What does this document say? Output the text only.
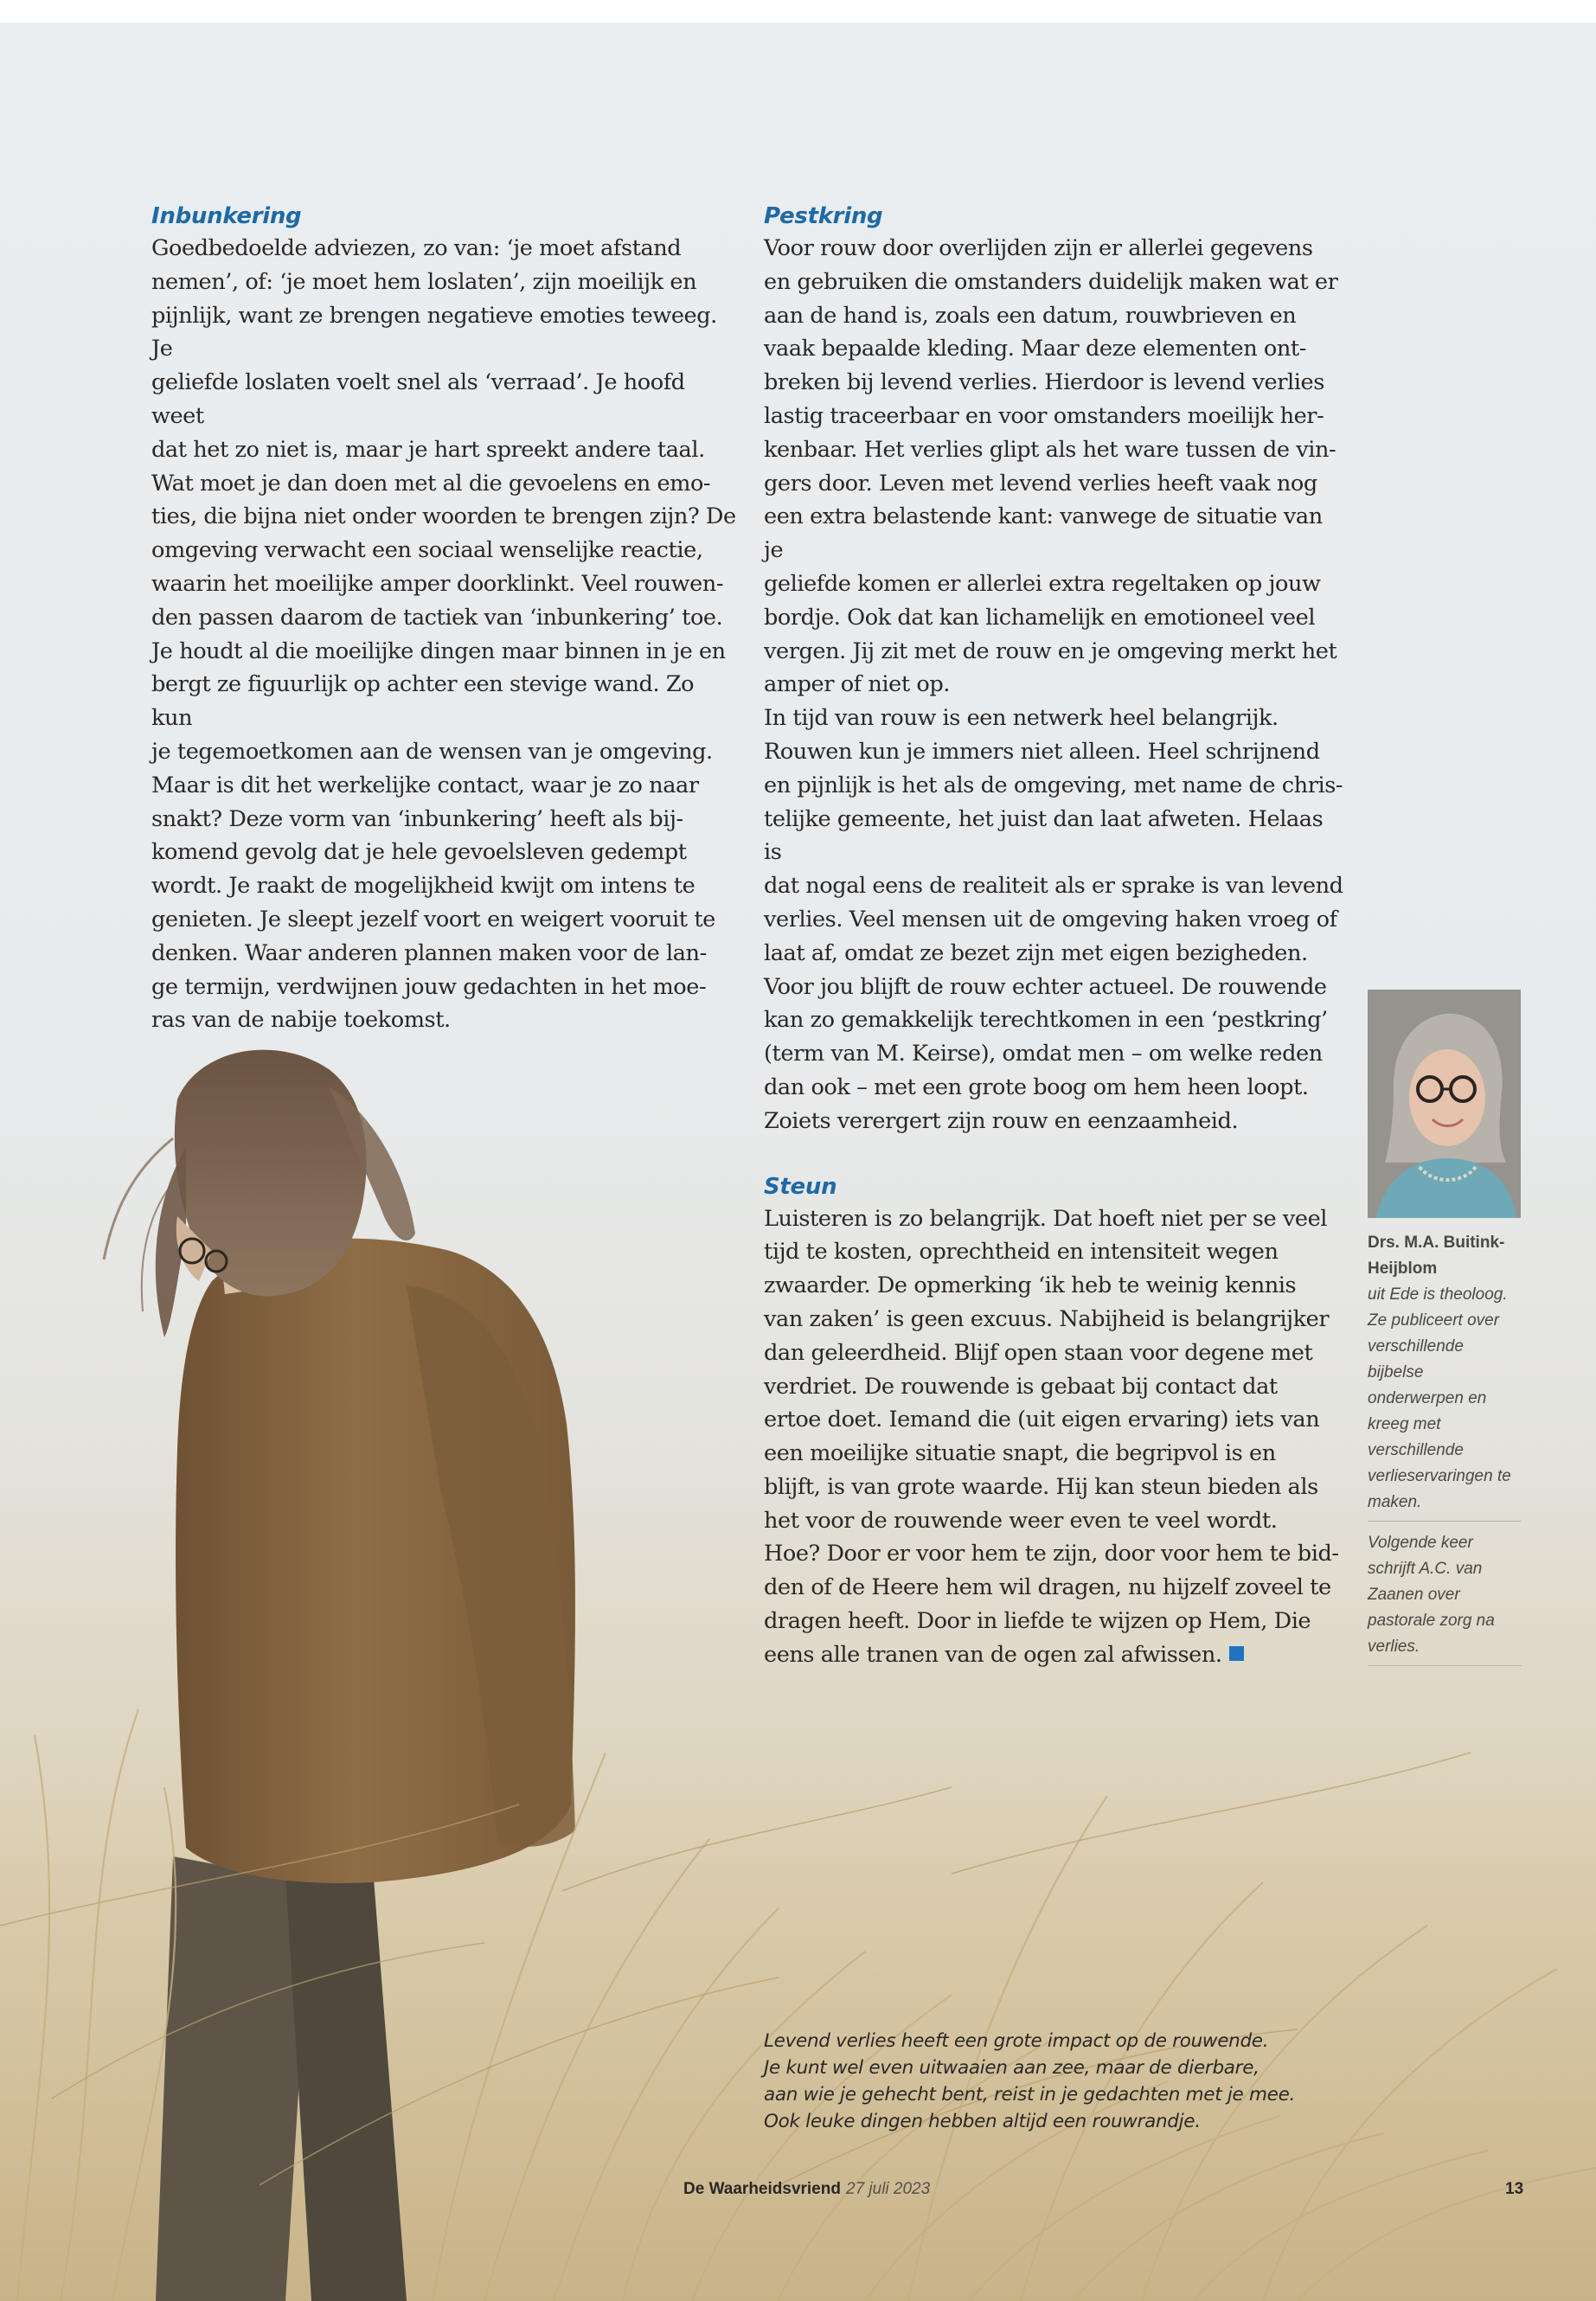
Inbunkering

Goedbedoelde adviezen, zo van: ‘je moet afstand
nemen’, of: ‘je moet hem loslaten’, zijn moeilijk en
pijnlijk, want ze brengen negatieve emoties teweeg. Je
geliefde loslaten voelt snel als ‘verraad’. Je hoofd weet
dat het zo niet is, maar je hart spreekt andere taal.
Wat moet je dan doen met al die gevoelens en emo-
ties, die bijna niet onder woorden te brengen zijn? De
omgeving verwacht een sociaal wenselijke reactie,
waarin het moeilijke amper doorklinkt. Veel rouwen-
den passen daarom de tactiek van ‘inbunkering’ toe.
Je houdt al die moeilijke dingen maar binnen in je en
bergt ze figuurlijk op achter een stevige wand. Zo kun
je tegemoetkomen aan de wensen van je omgeving.
Maar is dit het werkelijke contact, waar je zo naar
snakt? Deze vorm van ‘inbunkering’ heeft als bij-
komend gevolg dat je hele gevoelsleven gedempt
wordt. Je raakt de mogelijkheid kwijt om intens te
genieten. Je sleept jezelf voort en weigert vooruit te
denken. Waar anderen plannen maken voor de lan-
ge termijn, verdwijnen jouw gedachten in het moe-
ras van de nabije toekomst.

Pestkring

Voor rouw door overlijden zijn er allerlei gegevens
en gebruiken die omstanders duidelijk maken wat er
aan de hand is, zoals een datum, rouwbrieven en
vaak bepaalde kleding. Maar deze elementen ont-
breken bij levend verlies. Hierdoor is levend verlies
lastig traceerbaar en voor omstanders moeilijk her-
kenbaar. Het verlies glipt als het ware tussen de vin-
gers door. Leven met levend verlies heeft vaak nog
een extra belastende kant: vanwege de situatie van je
geliefde komen er allerlei extra regeltaken op jouw
bordje. Ook dat kan lichamelijk en emotioneel veel
vergen. Jij zit met de rouw en je omgeving merkt het
amper of niet op.
In tijd van rouw is een netwerk heel belangrijk.
Rouwen kun je immers niet alleen. Heel schrijnend
en pijnlijk is het als de omgeving, met name de chris-
telijke gemeente, het juist dan laat afweten. Helaas is
dat nogal eens de realiteit als er sprake is van levend
verlies. Veel mensen uit de omgeving haken vroeg of
laat af, omdat ze bezet zijn met eigen bezigheden.
Voor jou blijft de rouw echter actueel. De rouwende
kan zo gemakkelijk terechtkomen in een ‘pestkring’
(term van M. Keirse), omdat men – om welke reden
dan ook – met een grote boog om hem heen loopt.
Zoiets verergert zijn rouw en eenzaamheid.

Steun

Luisteren is zo belangrijk. Dat hoeft niet per se veel
tijd te kosten, oprechtheid en intensiteit wegen
zwaarder. De opmerking ‘ik heb te weinig kennis
van zaken’ is geen excuus. Nabijheid is belangrijker
dan geleerdheid. Blijf open staan voor degene met
verdriet. De rouwende is gebaat bij contact dat
ertoe doet. Iemand die (uit eigen ervaring) iets van
een moeilijke situatie snapt, die begripvol is en
blijft, is van grote waarde. Hij kan steun bieden als
het voor de rouwende weer even te veel wordt.
Hoe? Door er voor hem te zijn, door voor hem te bid-
den of de Heere hem wil dragen, nu hijzelf zoveel te
dragen heeft. Door in liefde te wijzen op Hem, Die
eens alle tranen van de ogen zal afwissen.

Drs. M.A. Buitink-Heijblom
uit Ede is theoloog. Ze publiceert over verschillende bijbelse onderwerpen en kreeg met verschillende verlieservaringen te maken.
Volgende keer schrijft A.C. van Zaanen over pastorale zorg na verlies.
Levend verlies heeft een grote impact op de rouwende.
Je kunt wel even uitwaaien aan zee, maar de dierbare,
aan wie je gehecht bent, reist in je gedachten met je mee.
Ook leuke dingen hebben altijd een rouwrandje.
De Waarheidsvriend 27 juli 2023	13
